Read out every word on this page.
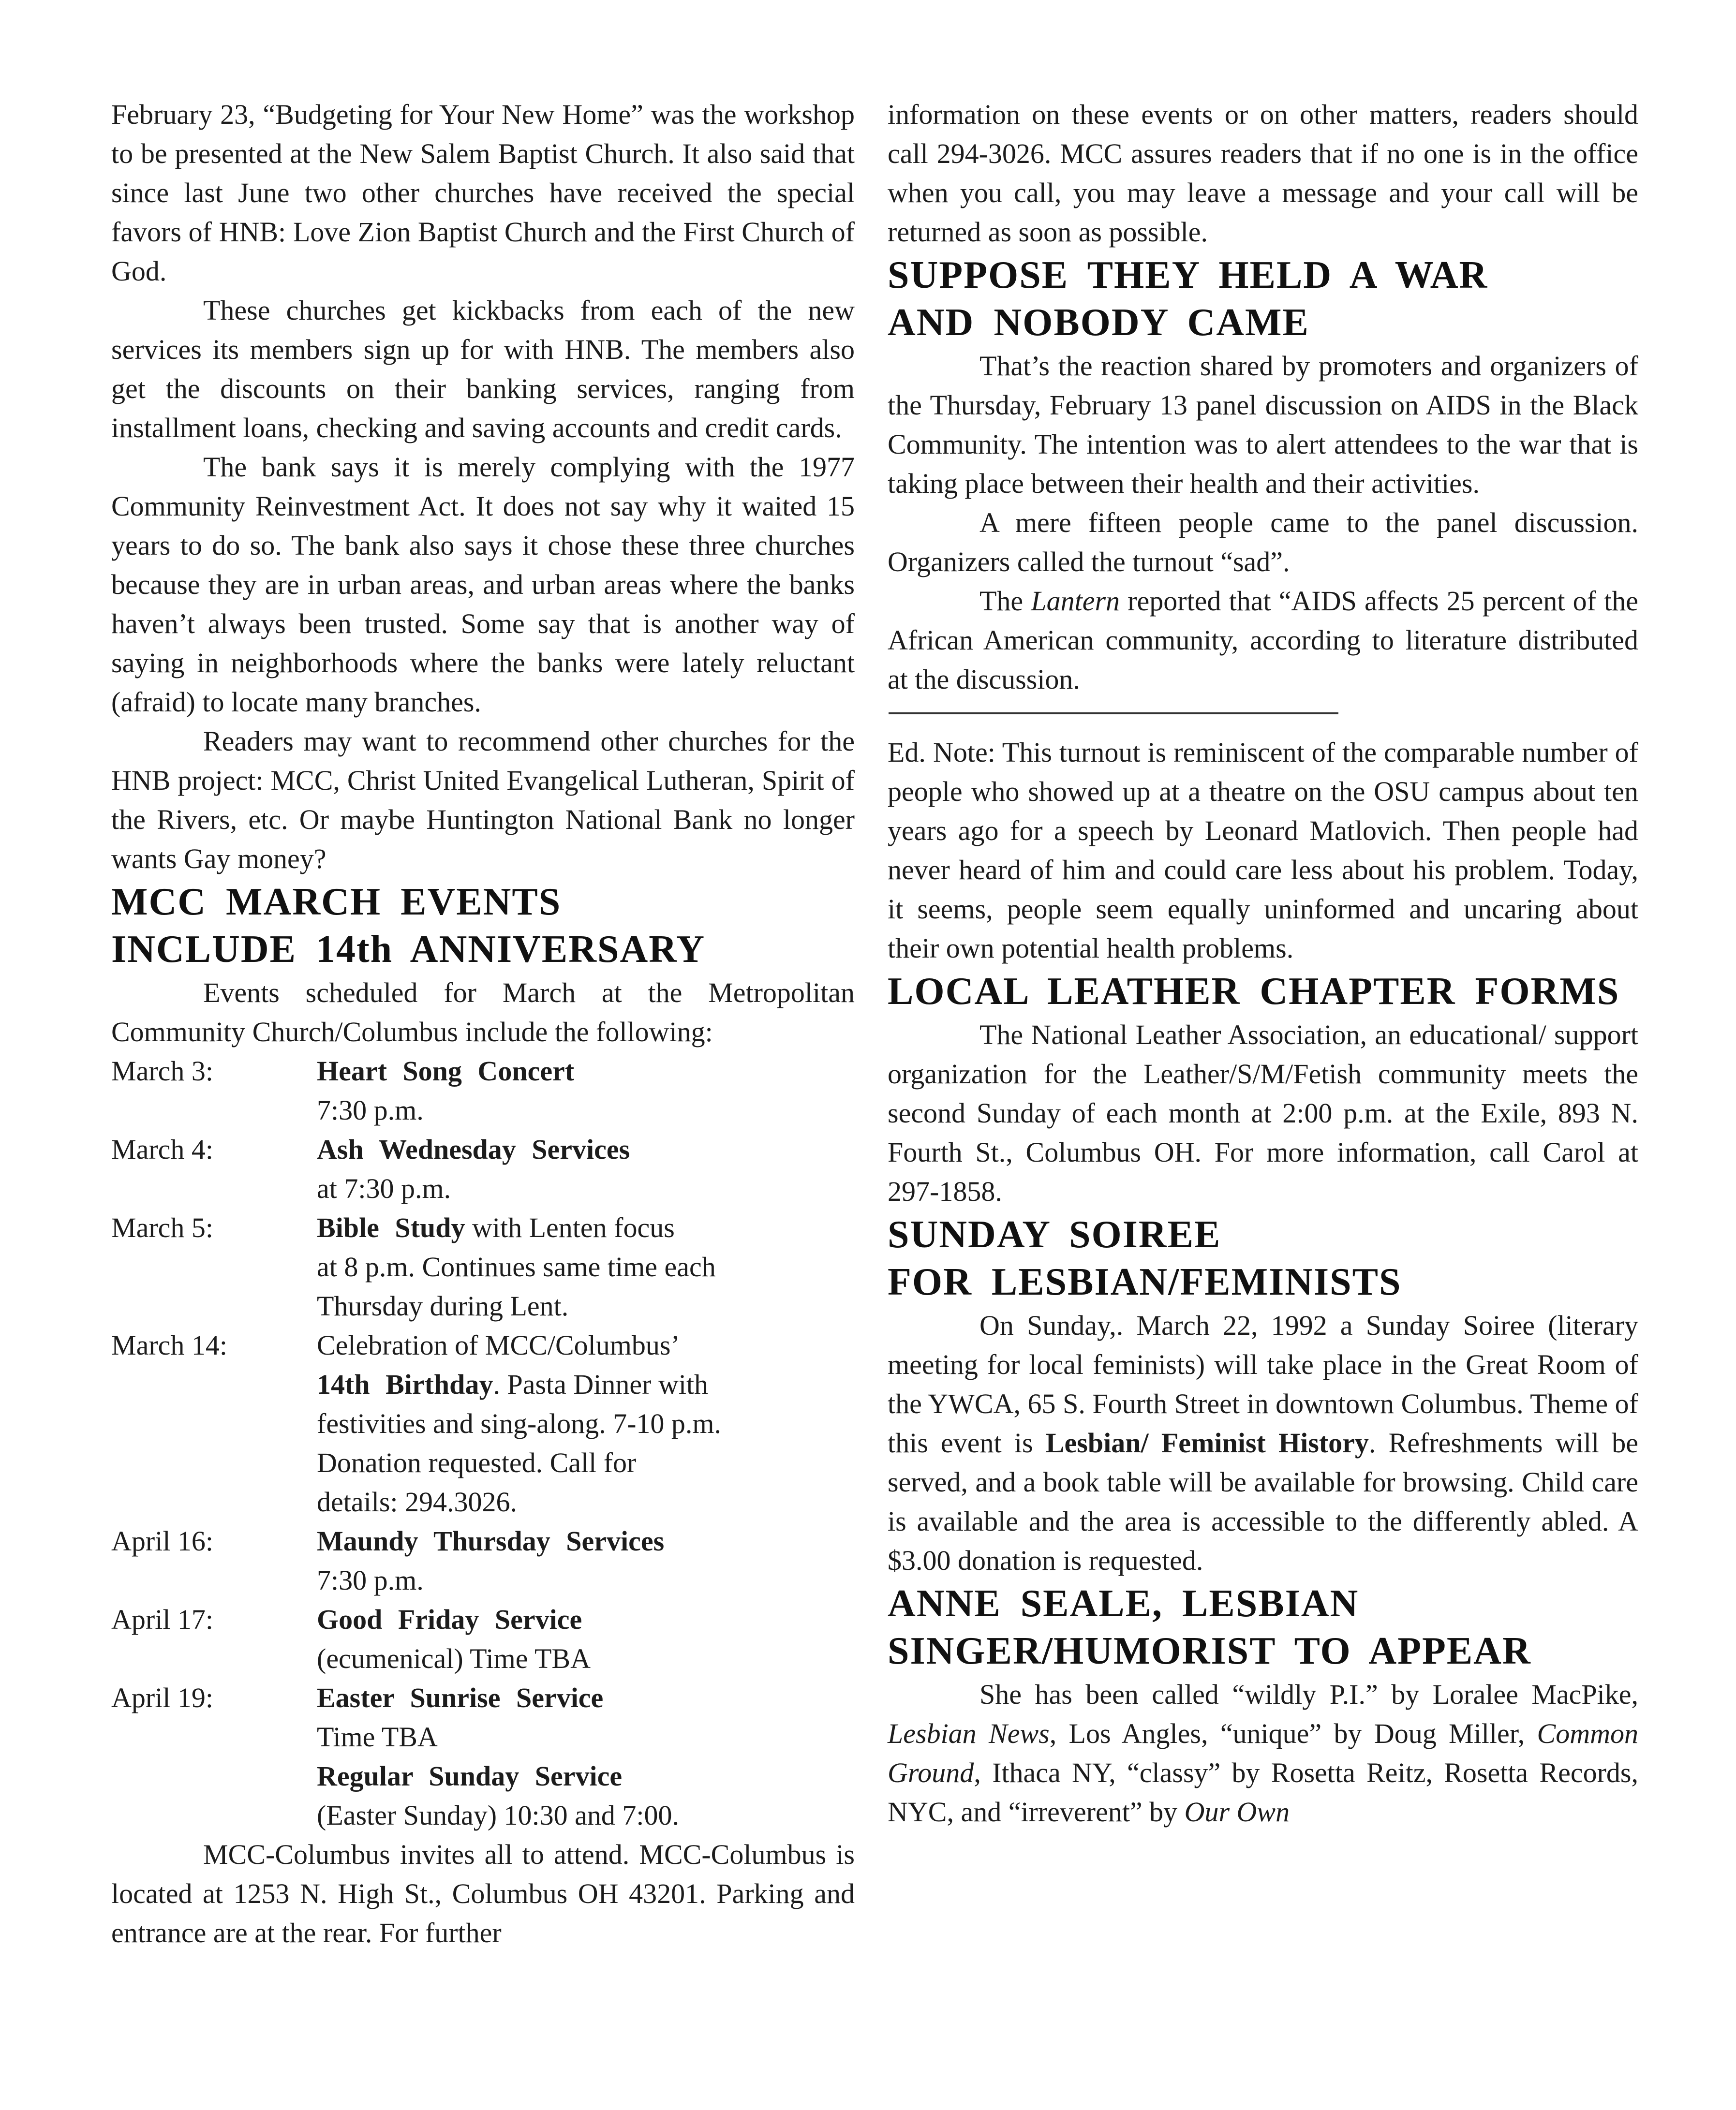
February 23, “Budgeting for Your New Home” was the workshop to be presented at the New Salem Baptist Church. It also said that since last June two other churches have received the special favors of HNB: Love Zion Baptist Church and the First Church of God.

These churches get kickbacks from each of the new services its members sign up for with HNB. The members also get the discounts on their banking services, ranging from installment loans, checking and saving accounts and credit cards.

The bank says it is merely complying with the 1977 Community Reinvestment Act. It does not say why it waited 15 years to do so. The bank also says it chose these three churches because they are in urban areas, and urban areas where the banks haven’t always been trusted. Some say that is another way of saying in neighborhoods where the banks were lately reluctant (afraid) to locate many branches.

Readers may want to recommend other churches for the HNB project: MCC, Christ United Evangelical Lutheran, Spirit of the Rivers, etc. Or maybe Huntington National Bank no longer wants Gay money?

MCC MARCH EVENTS
INCLUDE 14th ANNIVERSARY

Events scheduled for March at the Metropolitan Community Church/Columbus include the following:

March 3:	Heart Song Concert
7:30 p.m.
March 4:	Ash Wednesday Services
at 7:30 p.m.
March 5:	Bible Study with Lenten focus
at 8 p.m. Continues same time each
Thursday during Lent.
March 14:	Celebration of MCC/Columbus’
14th Birthday. Pasta Dinner with
festivities and sing-along. 7-10 p.m.
Donation requested. Call for
details: 294.3026.
April 16:	Maundy Thursday Services
7:30 p.m.
April 17:	Good Friday Service
(ecumenical) Time TBA
April 19:	Easter Sunrise Service
Time TBA
Regular Sunday Service
(Easter Sunday) 10:30 and 7:00.

MCC-Columbus invites all to attend. MCC-Columbus is located at 1253 N. High St., Columbus OH 43201. Parking and entrance are at the rear. For further

information on these events or on other matters, readers should call 294-3026. MCC assures readers that if no one is in the office when you call, you may leave a message and your call will be returned as soon as possible.

SUPPOSE THEY HELD A WAR
AND NOBODY CAME

That’s the reaction shared by promoters and organizers of the Thursday, February 13 panel discussion on AIDS in the Black Community. The intention was to alert attendees to the war that is taking place between their health and their activities.

A mere fifteen people came to the panel discussion. Organizers called the turnout “sad”.

The Lantern reported that “AIDS affects 25 percent of the African American community, according to literature distributed at the discussion.

Ed. Note: This turnout is reminiscent of the comparable number of people who showed up at a theatre on the OSU campus about ten years ago for a speech by Leonard Matlovich. Then people had never heard of him and could care less about his problem. Today, it seems, people seem equally uninformed and uncaring about their own potential health problems.

LOCAL LEATHER CHAPTER FORMS

The National Leather Association, an educational/ support organization for the Leather/S/M/Fetish community meets the second Sunday of each month at 2:00 p.m. at the Exile, 893 N. Fourth St., Columbus OH. For more information, call Carol at 297-1858.

SUNDAY SOIREE
FOR LESBIAN/FEMINISTS

On Sunday,. March 22, 1992 a Sunday Soiree (literary meeting for local feminists) will take place in the Great Room of the YWCA, 65 S. Fourth Street in downtown Columbus. Theme of this event is Lesbian/ Feminist History. Refreshments will be served, and a book table will be available for browsing. Child care is available and the area is accessible to the differently abled. A $3.00 donation is requested.

ANNE SEALE, LESBIAN
SINGER/HUMORIST TO APPEAR

She has been called “wildly P.I.” by Loralee MacPike, Lesbian News, Los Angles, “unique” by Doug Miller, Common Ground, Ithaca NY, “classy” by Rosetta Reitz, Rosetta Records, NYC, and “irreverent” by Our Own
